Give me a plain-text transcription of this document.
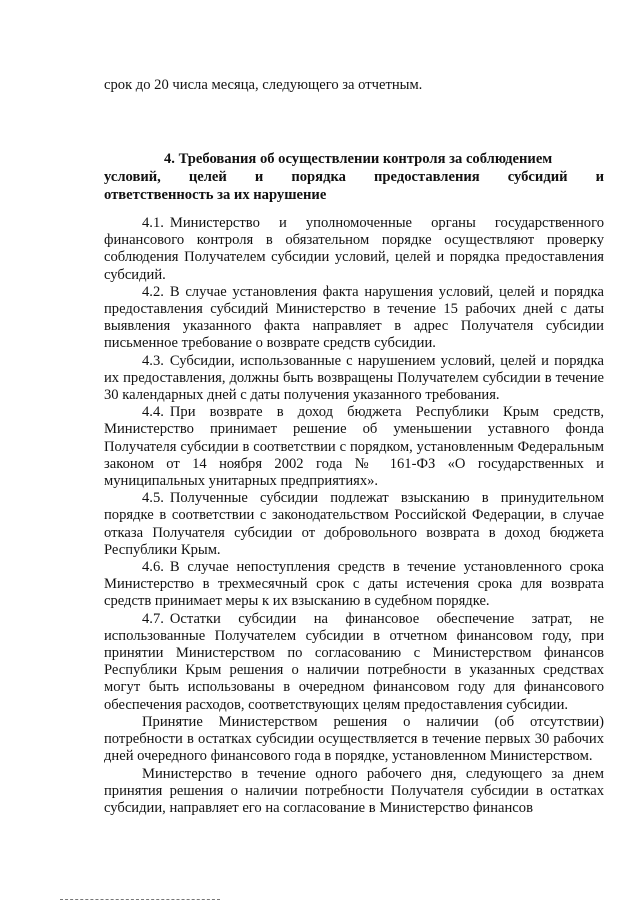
срок до 20 числа месяца, следующего за отчетным.
4. Требования об осуществлении контроля за соблюдением
условий, целей и порядка предоставления субсидий и
ответственность за их нарушение

4.1. Министерство и уполномоченные органы государственного финансового контроля в обязательном порядке осуществляют проверку соблюдения Получателем субсидии условий, целей и порядка предоставления субсидий.

4.2. В случае установления факта нарушения условий, целей и порядка предоставления субсидий Министерство в течение 15 рабочих дней с даты выявления указанного факта направляет в адрес Получателя субсидии письменное требование о возврате средств субсидии.

4.3. Субсидии, использованные с нарушением условий, целей и порядка их предоставления, должны быть возвращены Получателем субсидии в течение 30 календарных дней с даты получения указанного требования.

4.4. При возврате в доход бюджета Республики Крым средств, Министерство принимает решение об уменьшении уставного фонда Получателя субсидии в соответствии с порядком, установленным Федеральным законом от 14 ноября 2002 года № 161-ФЗ «О государственных и муниципальных унитарных предприятиях».

4.5. Полученные субсидии подлежат взысканию в принудительном порядке в соответствии с законодательством Российской Федерации, в случае отказа Получателя субсидии от добровольного возврата в доход бюджета Республики Крым.

4.6. В случае непоступления средств в течение установленного срока Министерство в трехмесячный срок с даты истечения срока для возврата средств принимает меры к их взысканию в судебном порядке.

4.7. Остатки субсидии на финансовое обеспечение затрат, не использованные Получателем субсидии в отчетном финансовом году, при принятии Министерством по согласованию с Министерством финансов Республики Крым решения о наличии потребности в указанных средствах могут быть использованы в очередном финансовом году для финансового обеспечения расходов, соответствующих целям предоставления субсидии.

Принятие Министерством решения о наличии (об отсутствии) потребности в остатках субсидии осуществляется в течение первых 30 рабочих дней очередного финансового года в порядке, установленном Министерством.

Министерство в течение одного рабочего дня, следующего за днем принятия решения о наличии потребности Получателя субсидии в остатках субсидии, направляет его на согласование в Министерство финансов
